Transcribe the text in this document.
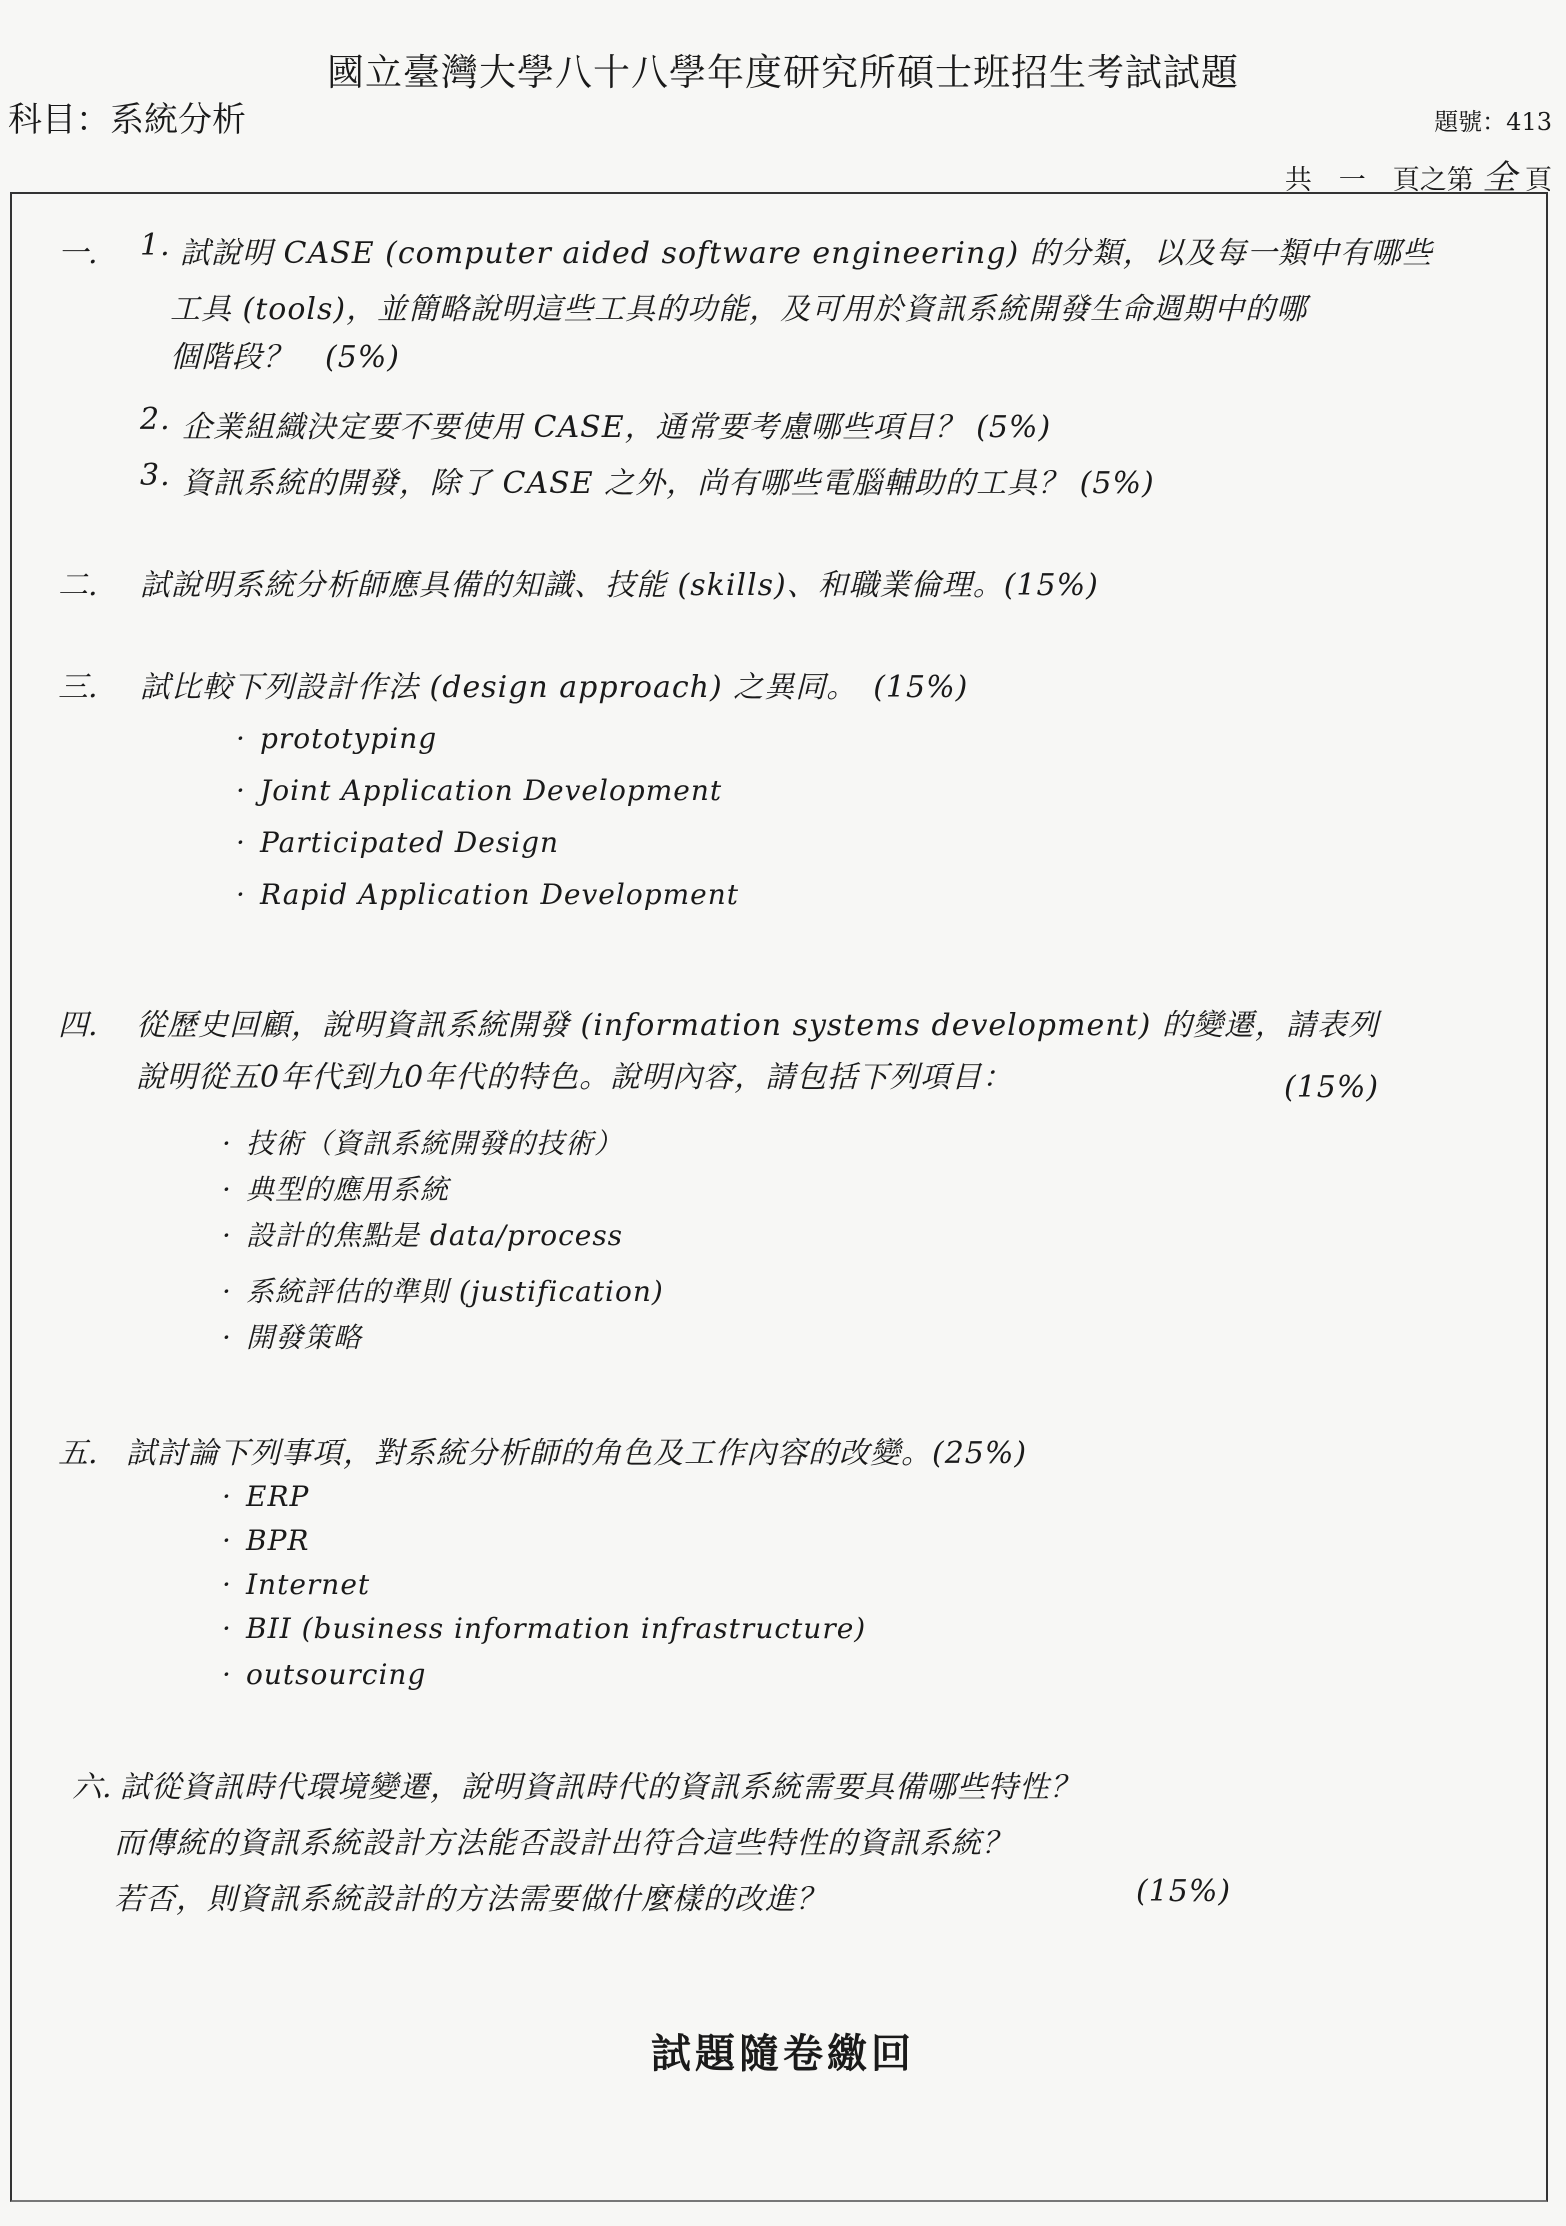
國立臺灣大學八十八學年度研究所碩士班招生考試試題
科目：系統分析	題號：413
共　一　頁之第 全 頁
一. 1. 試說明 CASE (computer aided software engineering) 的分類，以及每一類中有哪些
工具 (tools)，並簡略說明這些工具的功能，及可用於資訊系統開發生命週期中的哪
個階段？　(5%)
2. 企業組織決定要不要使用 CASE，通常要考慮哪些項目？ (5%)
3. 資訊系統的開發，除了 CASE 之外，尚有哪些電腦輔助的工具？ (5%)
二. 試說明系統分析師應具備的知識、技能 (skills)、和職業倫理。(15%)
三. 試比較下列設計作法 (design approach) 之異同。　(15%)
· prototyping
· Joint Application Development
· Participated Design
· Rapid Application Development
四. 從歷史回顧，說明資訊系統開發 (information systems development) 的變遷，請表列
說明從五0年代到九0年代的特色。說明內容，請包括下列項目：	(15%)
· 技術（資訊系統開發的技術）
· 典型的應用系統
· 設計的焦點是 data/process
· 系統評估的準則 (justification)
· 開發策略
五. 試討論下列事項，對系統分析師的角色及工作內容的改變。(25%)
· ERP
· BPR
· Internet
· BII (business information infrastructure)
· outsourcing
六. 試從資訊時代環境變遷，說明資訊時代的資訊系統需要具備哪些特性？
而傳統的資訊系統設計方法能否設計出符合這些特性的資訊系統？
若否，則資訊系統設計的方法需要做什麼樣的改進？	(15%)
試題隨卷繳回
